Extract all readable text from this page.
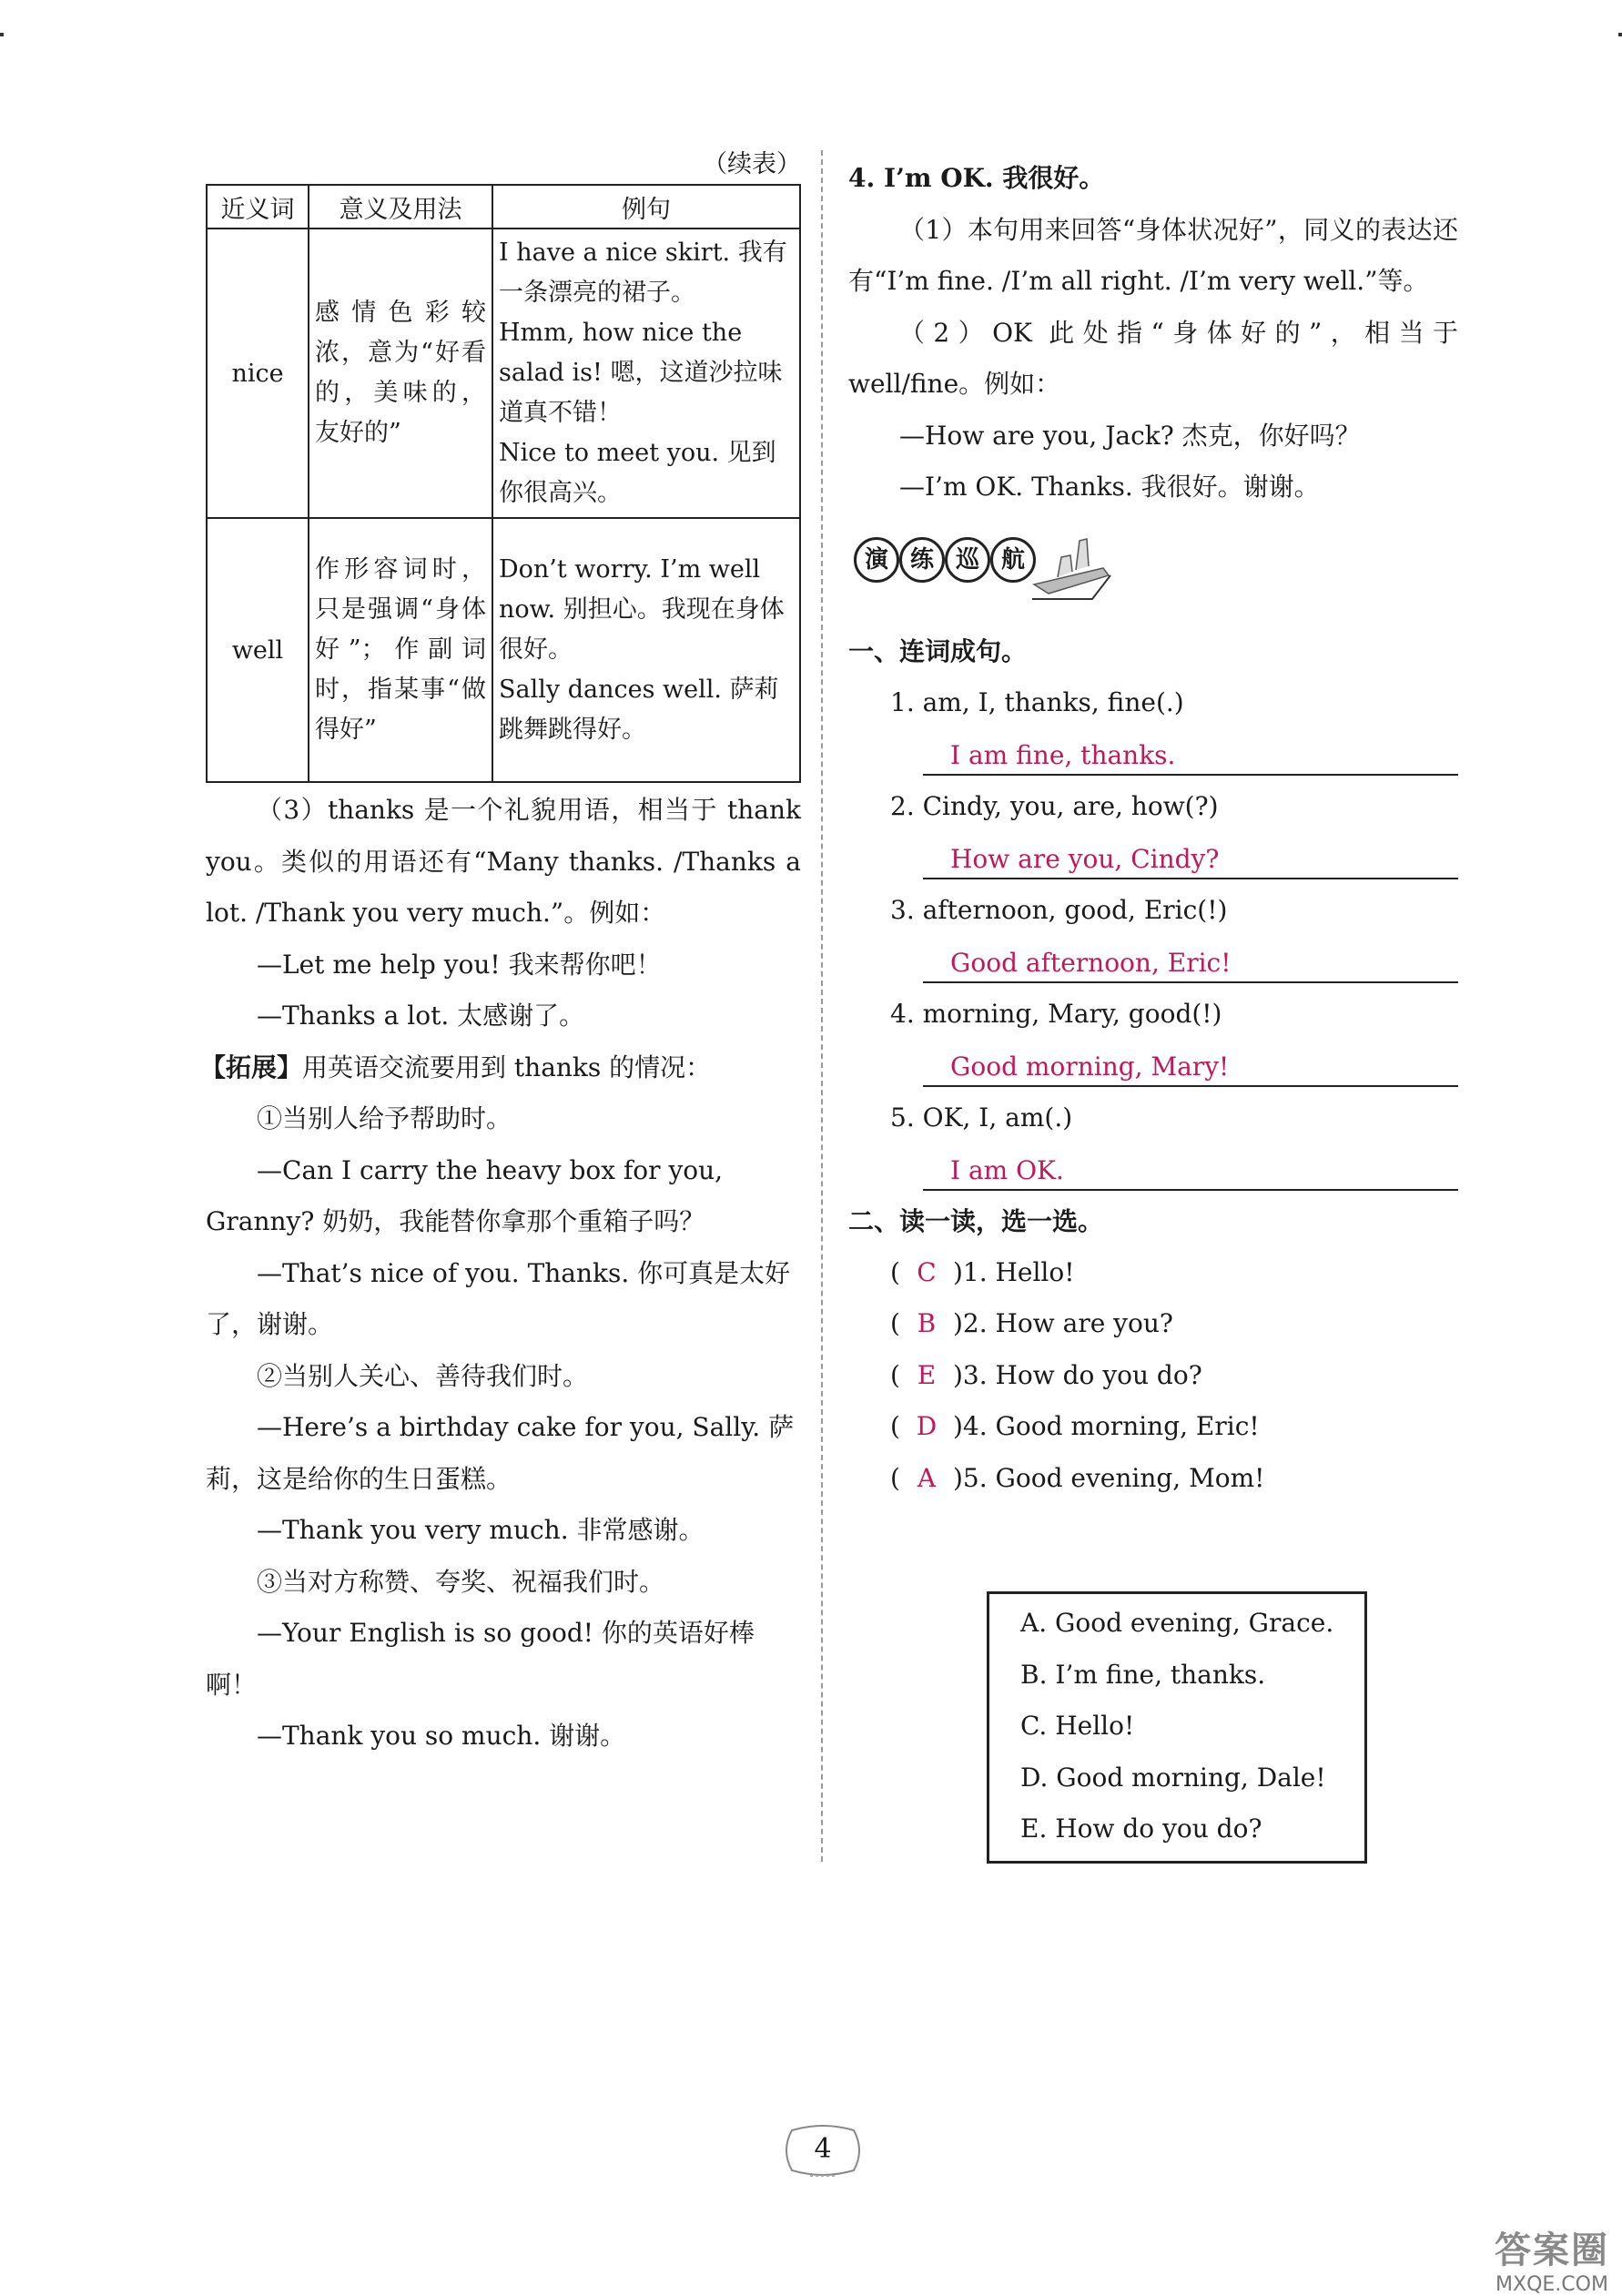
（续表）
近义词	意义及用法	例句
nice	感情色彩较浓，意为“好看的，美味的，友好的”	I have a nice skirt. 我有一条漂亮的裙子。
Hmm, how nice the salad is! 嗯，这道沙拉味道真不错！
Nice to meet you. 见到你很高兴。

well	作形容词时，只是强调“身体好”；作副词时，指某事“做得好”	Don’t worry. I’m well now. 别担心。我现在身体很好。
Sally dances well. 萨莉跳舞跳得好。

（3）thanks 是一个礼貌用语，相当于 thank you。类似的用语还有“Many thanks. /Thanks a lot. /Thank you very much.”。例如：

—Let me help you! 我来帮你吧！

—Thanks a lot. 太感谢了。

【拓展】用英语交流要用到 thanks 的情况：

①当别人给予帮助时。

—Can I carry the heavy box for you, Granny? 奶奶，我能替你拿那个重箱子吗？

—That’s nice of you. Thanks. 你可真是太好了，谢谢。

②当别人关心、善待我们时。

—Here’s a birthday cake for you, Sally. 萨莉，这是给你的生日蛋糕。

—Thank you very much. 非常感谢。

③当对方称赞、夸奖、祝福我们时。

—Your English is so good! 你的英语好棒啊！

—Thank you so much. 谢谢。

4. I’m OK. 我很好。

（1）本句用来回答“身体状况好”，同义的表达还有“I’m fine. /I’m all right. /I’m very well.”等。

（2）OK 此处指“身体好的”，相当于 well/fine。例如：

—How are you, Jack? 杰克，你好吗？

—I’m OK. Thanks. 我很好。谢谢。

演 练 巡 航

一、连词成句。

1. am, I, thanks, fine(.)

I am fine, thanks.

2. Cindy, you, are, how(?)

How are you, Cindy?

3. afternoon, good, Eric(!)

Good afternoon, Eric!

4. morning, Mary, good(!)

Good morning, Mary!

5. OK, I, am(.)

I am OK.

二、读一读，选一选。

( C )1. Hello!
( B )2. How are you?
( E )3. How do you do?
( D )4. Good morning, Eric!
( A )5. Good evening, Mom!
A. Good evening, Grace.
B. I’m fine, thanks.
C. Hello!
D. Good morning, Dale!
E. How do you do?
4
答案圈
MXQE.COM
